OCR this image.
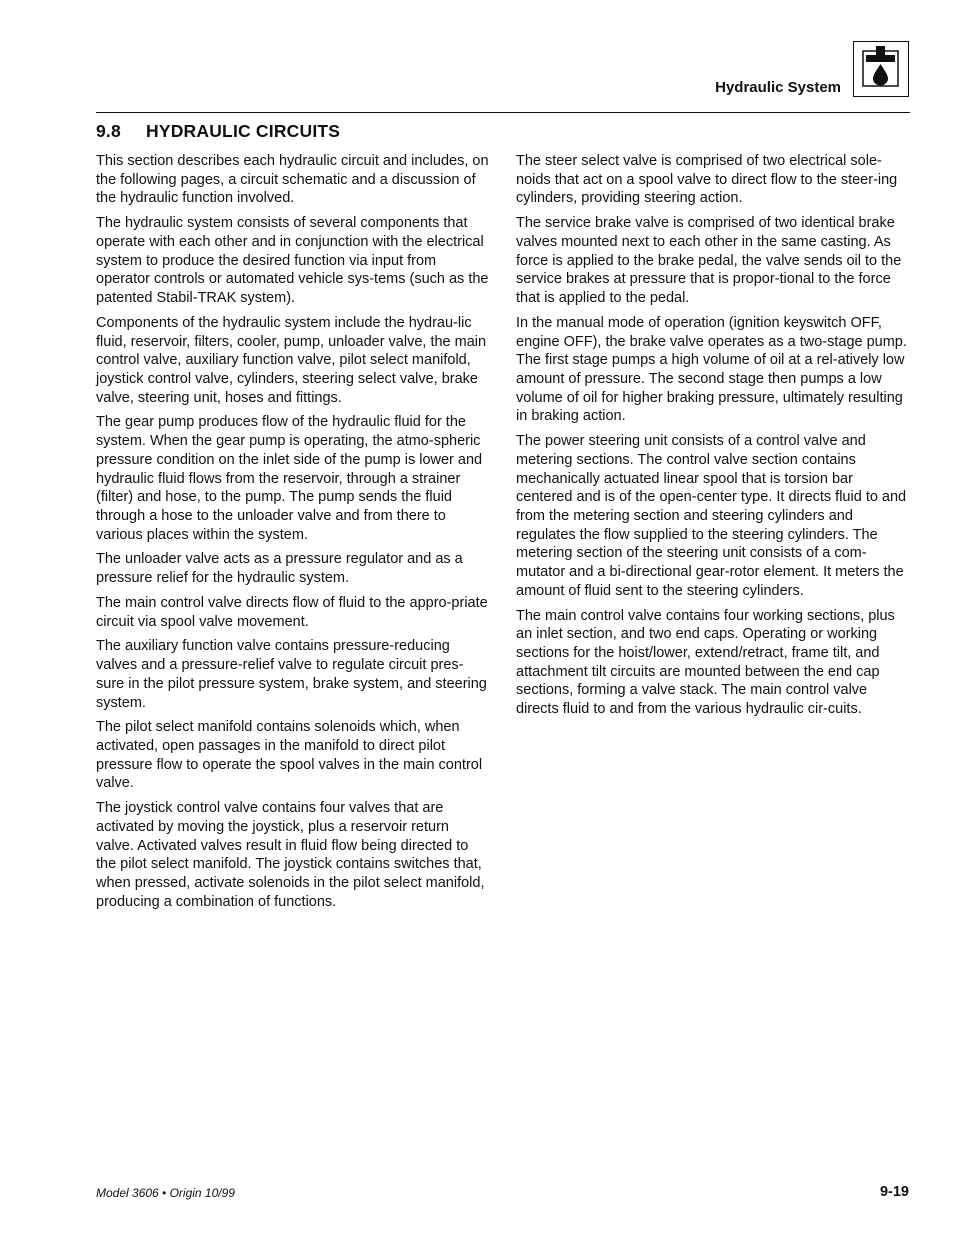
Hydraulic System
9.8 HYDRAULIC CIRCUITS

This section describes each hydraulic circuit and includes, on the following pages, a circuit schematic and a discussion of the hydraulic function involved.

The hydraulic system consists of several components that operate with each other and in conjunction with the electrical system to produce the desired function via input from operator controls or automated vehicle sys-tems (such as the patented Stabil-TRAK system).

Components of the hydraulic system include the hydrau-lic fluid, reservoir, filters, cooler, pump, unloader valve, the main control valve, auxiliary function valve, pilot select manifold, joystick control valve, cylinders, steering select valve, brake valve, steering unit, hoses and fittings.

The gear pump produces flow of the hydraulic fluid for the system. When the gear pump is operating, the atmo-spheric pressure condition on the inlet side of the pump is lower and hydraulic fluid flows from the reservoir, through a strainer (filter) and hose, to the pump. The pump sends the fluid through a hose to the unloader valve and from there to various places within the system.

The unloader valve acts as a pressure regulator and as a pressure relief for the hydraulic system.

The main control valve directs flow of fluid to the appro-priate circuit via spool valve movement.

The auxiliary function valve contains pressure-reducing valves and a pressure-relief valve to regulate circuit pres-sure in the pilot pressure system, brake system, and steering system.

The pilot select manifold contains solenoids which, when activated, open passages in the manifold to direct pilot pressure flow to operate the spool valves in the main control valve.

The joystick control valve contains four valves that are activated by moving the joystick, plus a reservoir return valve. Activated valves result in fluid flow being directed to the pilot select manifold. The joystick contains switches that, when pressed, activate solenoids in the pilot select manifold, producing a combination of functions.

The steer select valve is comprised of two electrical sole-noids that act on a spool valve to direct flow to the steer-ing cylinders, providing steering action.

The service brake valve is comprised of two identical brake valves mounted next to each other in the same casting. As force is applied to the brake pedal, the valve sends oil to the service brakes at pressure that is propor-tional to the force that is applied to the pedal.

In the manual mode of operation (ignition keyswitch OFF, engine OFF), the brake valve operates as a two-stage pump. The first stage pumps a high volume of oil at a rel-atively low amount of pressure. The second stage then pumps a low volume of oil for higher braking pressure, ultimately resulting in braking action.

The power steering unit consists of a control valve and metering sections. The control valve section contains mechanically actuated linear spool that is torsion bar centered and is of the open-center type. It directs fluid to and from the metering section and steering cylinders and regulates the flow supplied to the steering cylinders. The metering section of the steering unit consists of a com-mutator and a bi-directional gear-rotor element. It meters the amount of fluid sent to the steering cylinders.

The main control valve contains four working sections, plus an inlet section, and two end caps. Operating or working sections for the hoist/lower, extend/retract, frame tilt, and attachment tilt circuits are mounted between the end cap sections, forming a valve stack. The main control valve directs fluid to and from the various hydraulic cir-cuits.

Model 3606 • Origin 10/99	9-19
